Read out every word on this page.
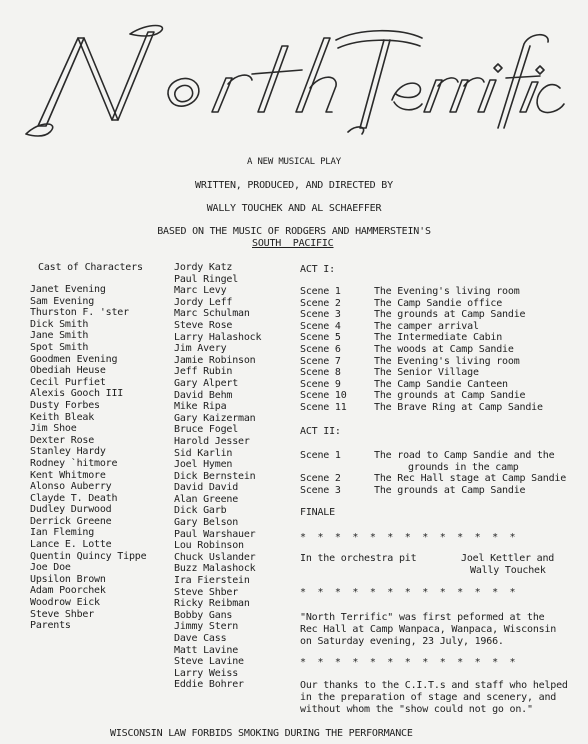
A NEW MUSICAL PLAY
WRITTEN, PRODUCED, AND DIRECTED BY
WALLY TOUCHEK AND AL SCHAEFFER
BASED ON THE MUSIC OF RODGERS AND HAMMERSTEIN'S
SOUTH  PACIFIC
Cast of Characters
Janet Evening
Sam Evening
Thurston F. 'ster
Dick Smith
Jane Smith
Spot Smith
Goodmen Evening
Obediah Heuse
Cecil Purfiet
Alexis Gooch III
Dusty Forbes
Keith Bleak
Jim Shoe
Dexter Rose
Stanley Hardy
Rodney `hitmore
Kent Whitmore
Alonso Auberry
Clayde T. Death
Dudley Durwood
Derrick Greene
Ian Fleming
Lance E. Lotte
Quentin Quincy Tippe
Joe Doe
Upsilon Brown
Adam Poorchek
Woodrow Eick
Steve Shber
Parents
Jordy Katz
Paul Ringel
Marc Levy
Jordy Leff
Marc Schulman
Steve Rose
Larry Halashock
Jim Avery
Jamie Robinson
Jeff Rubin
Gary Alpert
David Behm
Mike Ripa
Gary Kaizerman
Bruce Fogel
Harold Jesser
Sid Karlin
Joel Hymen
Dick Bernstein
David David
Alan Greene
Dick Garb
Gary Belson
Paul Warshauer
Lou Robinson
Chuck Uslander
Buzz Malashock
Ira Fierstein
Steve Shber
Ricky Reibman
Bobby Gans
Jimmy Stern
Dave Cass
Matt Lavine
Steve Lavine
Larry Weiss
Eddie Bohrer
ACT I:
Scene 1	The Evening's living room
Scene 2	The Camp Sandie office
Scene 3	The grounds at Camp Sandie
Scene 4	The camper arrival
Scene 5	The Intermediate Cabin
Scene 6	The woods at Camp Sandie
Scene 7	The Evening's living room
Scene 8	The Senior Village
Scene 9	The Camp Sandie Canteen
Scene 10	The grounds at Camp Sandie
Scene 11	The Brave Ring at Camp Sandie
ACT II:
Scene 1	The road to Camp Sandie and the
grounds in the camp
Scene 2	The Rec Hall stage at Camp Sandie
Scene 3	The grounds at Camp Sandie
FINALE
*  *  *  *  *  *  *  *  *  *  *  *  *
In the orchestra pit	Joel Kettler and
Wally Touchek
*  *  *  *  *  *  *  *  *  *  *  *  *
"North Terrific" was first peformed at the
Rec Hall at Camp Wanpaca, Wanpaca, Wisconsin
on Saturday evening, 23 July, 1966.
*  *  *  *  *  *  *  *  *  *  *  *  *
Our thanks to the C.I.T.s and staff who helped
in the preparation of stage and scenery, and
without whom the "show could not go on."
WISCONSIN LAW FORBIDS SMOKING DURING THE PERFORMANCE
